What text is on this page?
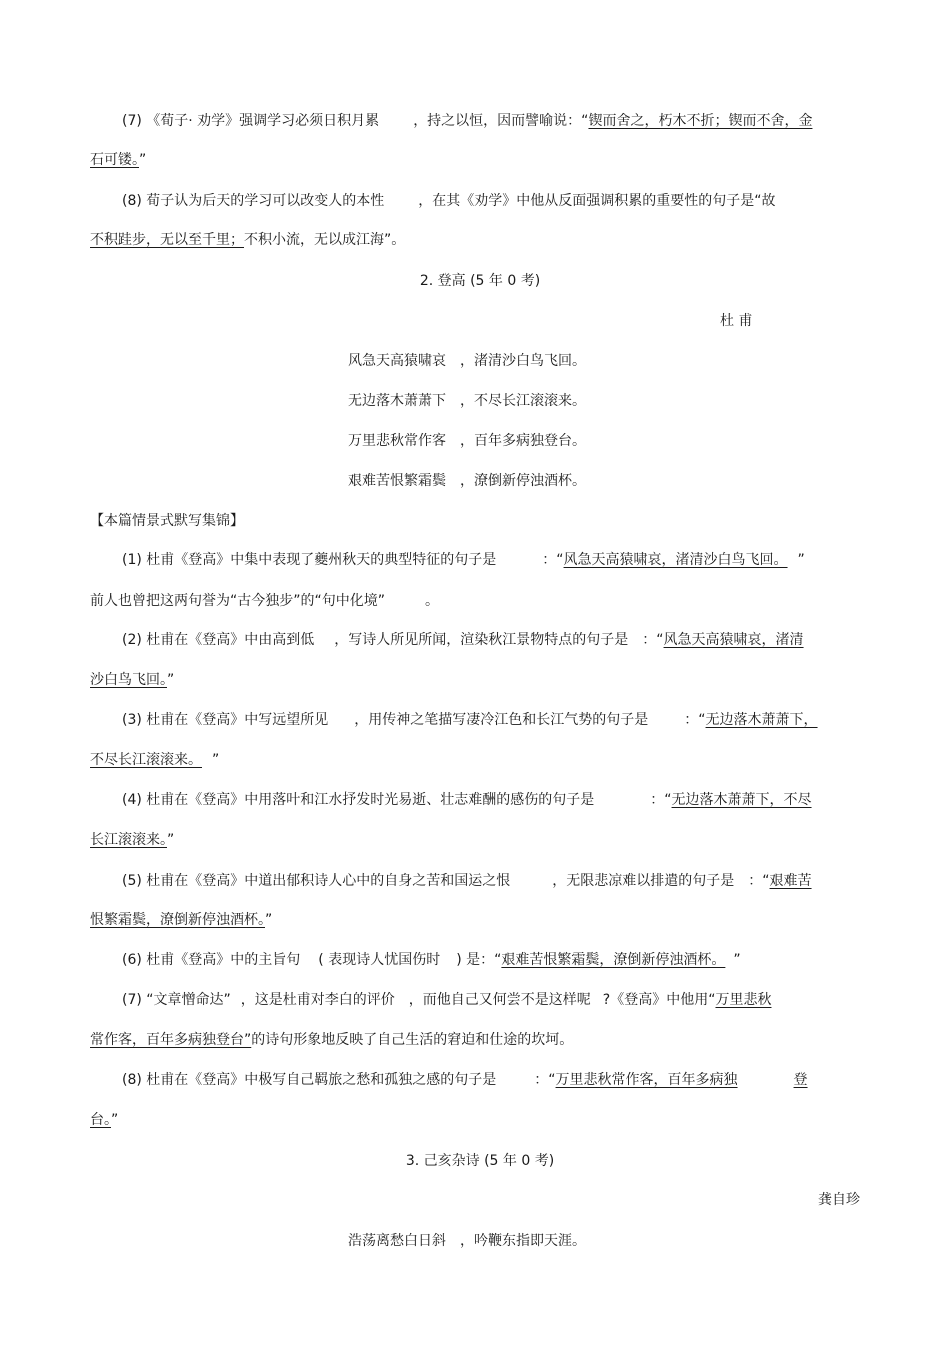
(7) 《荀子· 劝学》强调学习必须日积月累 ，持之以恒，因而譬喻说：“锲而舍之，朽木不折；锲而不舍，金
石可镂。”
(8) 荀子认为后天的学习可以改变人的本性 ，在其《劝学》中他从反面强调积累的重要性的句子是“故
不积跬步，无以至千里；不积小流，无以成江海”。
2. 登高 (5 年 0 考)
杜 甫
风急天高猿啸哀 ，渚清沙白鸟飞回。
无边落木萧萧下 ，不尽长江滚滚来。
万里悲秋常作客 ，百年多病独登台。
艰难苦恨繁霜鬓 ，潦倒新停浊酒杯。
【本篇情景式默写集锦】
(1) 杜甫《登高》中集中表现了夔州秋天的典型特征的句子是	：“风急天高猿啸哀，渚清沙白鸟飞回。 ”
前人也曾把这两句誉为“古今独步”的“句中化境”	。
(2) 杜甫在《登高》中由高到低 ，写诗人所见所闻，渲染秋江景物特点的句子是 ：“风急天高猿啸哀，渚清
沙白鸟飞回。”
(3) 杜甫在《登高》中写远望所见 ，用传神之笔描写凄冷江色和长江气势的句子是	：“无边落木萧萧下，
不尽长江滚滚来。 ”
(4) 杜甫在《登高》中用落叶和江水抒发时光易逝、壮志难酬的感伤的句子是	：“无边落木萧萧下，不尽
长江滚滚来。”
(5) 杜甫在《登高》中道出郁积诗人心中的自身之苦和国运之恨	，无限悲凉难以排遣的句子是 ：“艰难苦
恨繁霜鬓，潦倒新停浊酒杯。”
(6) 杜甫《登高》中的主旨句 ( 表现诗人忧国伤时 ) 是：“艰难苦恨繁霜鬓，潦倒新停浊酒杯。 ”
(7) “文章憎命达” ，这是杜甫对李白的评价 ，而他自己又何尝不是这样呢 ?《登高》中他用“万里悲秋
常作客，百年多病独登台”的诗句形象地反映了自己生活的窘迫和仕途的坎坷。
(8) 杜甫在《登高》中极写自己羁旅之愁和孤独之感的句子是	：“万里悲秋常作客，百年多病独	登
台。”
3. 己亥杂诗 (5 年 0 考)
龚自珍
浩荡离愁白日斜 ，吟鞭东指即天涯。
